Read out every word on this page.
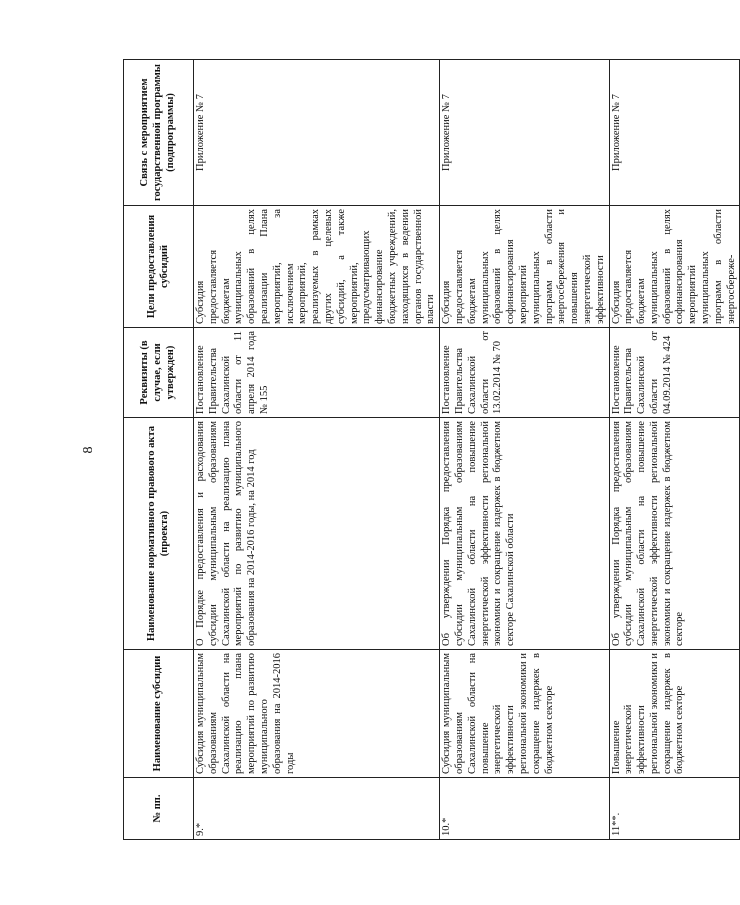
8
№ пп.	Наименование субсидии	Наименование нормативного правового акта (проекта)	Реквизиты (в случае, если утвержден)	Цели предоставления субсидий	Связь с мероприятием государственной программы (подпрограммы)
9.*	Субсидия муниципальным образованиям Сахалинской области на реализацию плана мероприятий по развитию муниципального образования на 2014-2016 годы	О Порядке предоставления и расходования субсидии муниципальным образованиям Сахалинской области на реализацию плана мероприятий по развитию муниципального образования на 2014-2016 годы, на 2014 год	Постановление Правительства Сахалинской области от 11 апреля 2014 года № 155	Субсидия предоставляется бюджетам муниципальных образований в целях реализации Плана мероприятий, за исключением мероприятий, реализуемых в рамках других целевых субсидий, а также мероприятий, предусматривающих финансирование бюджетных учреждений, находящихся в ведении органов государственной власти	Приложение № 7
10.*	Субсидия муниципальным образованиям Сахалинской области на повышение энергетической эффективности региональной экономики и сокращение издержек в бюджетном секторе	Об утверждении Порядка предоставления субсидии муниципальным образованиям Сахалинской области на повышение энергетической эффективности региональной экономики и сокращение издержек в бюджетном секторе Сахалинской области	Постановление Правительства Сахалинской области от 13.02.2014 № 70	Субсидия предоставляется бюджетам муниципальных образований в целях софинансирования мероприятий муниципальных программ в области энергосбережения и повышения энергетической эффективности	Приложение № 7
11**.	Повышение энергетической эффективности региональной экономики и сокращение издержек в бюджетном секторе	Об утверждении Порядка предоставления субсидии муниципальным образованиям Сахалинской области на повышение энергетической эффективности региональной экономики и сокращение издержек в бюджетном секторе	Постановление Правительства Сахалинской области от 04.09.2014 № 424	Субсидия предоставляется бюджетам муниципальных образований в целях софинансирования мероприятий муниципальных программ в области энергосбереже-	Приложение № 7
